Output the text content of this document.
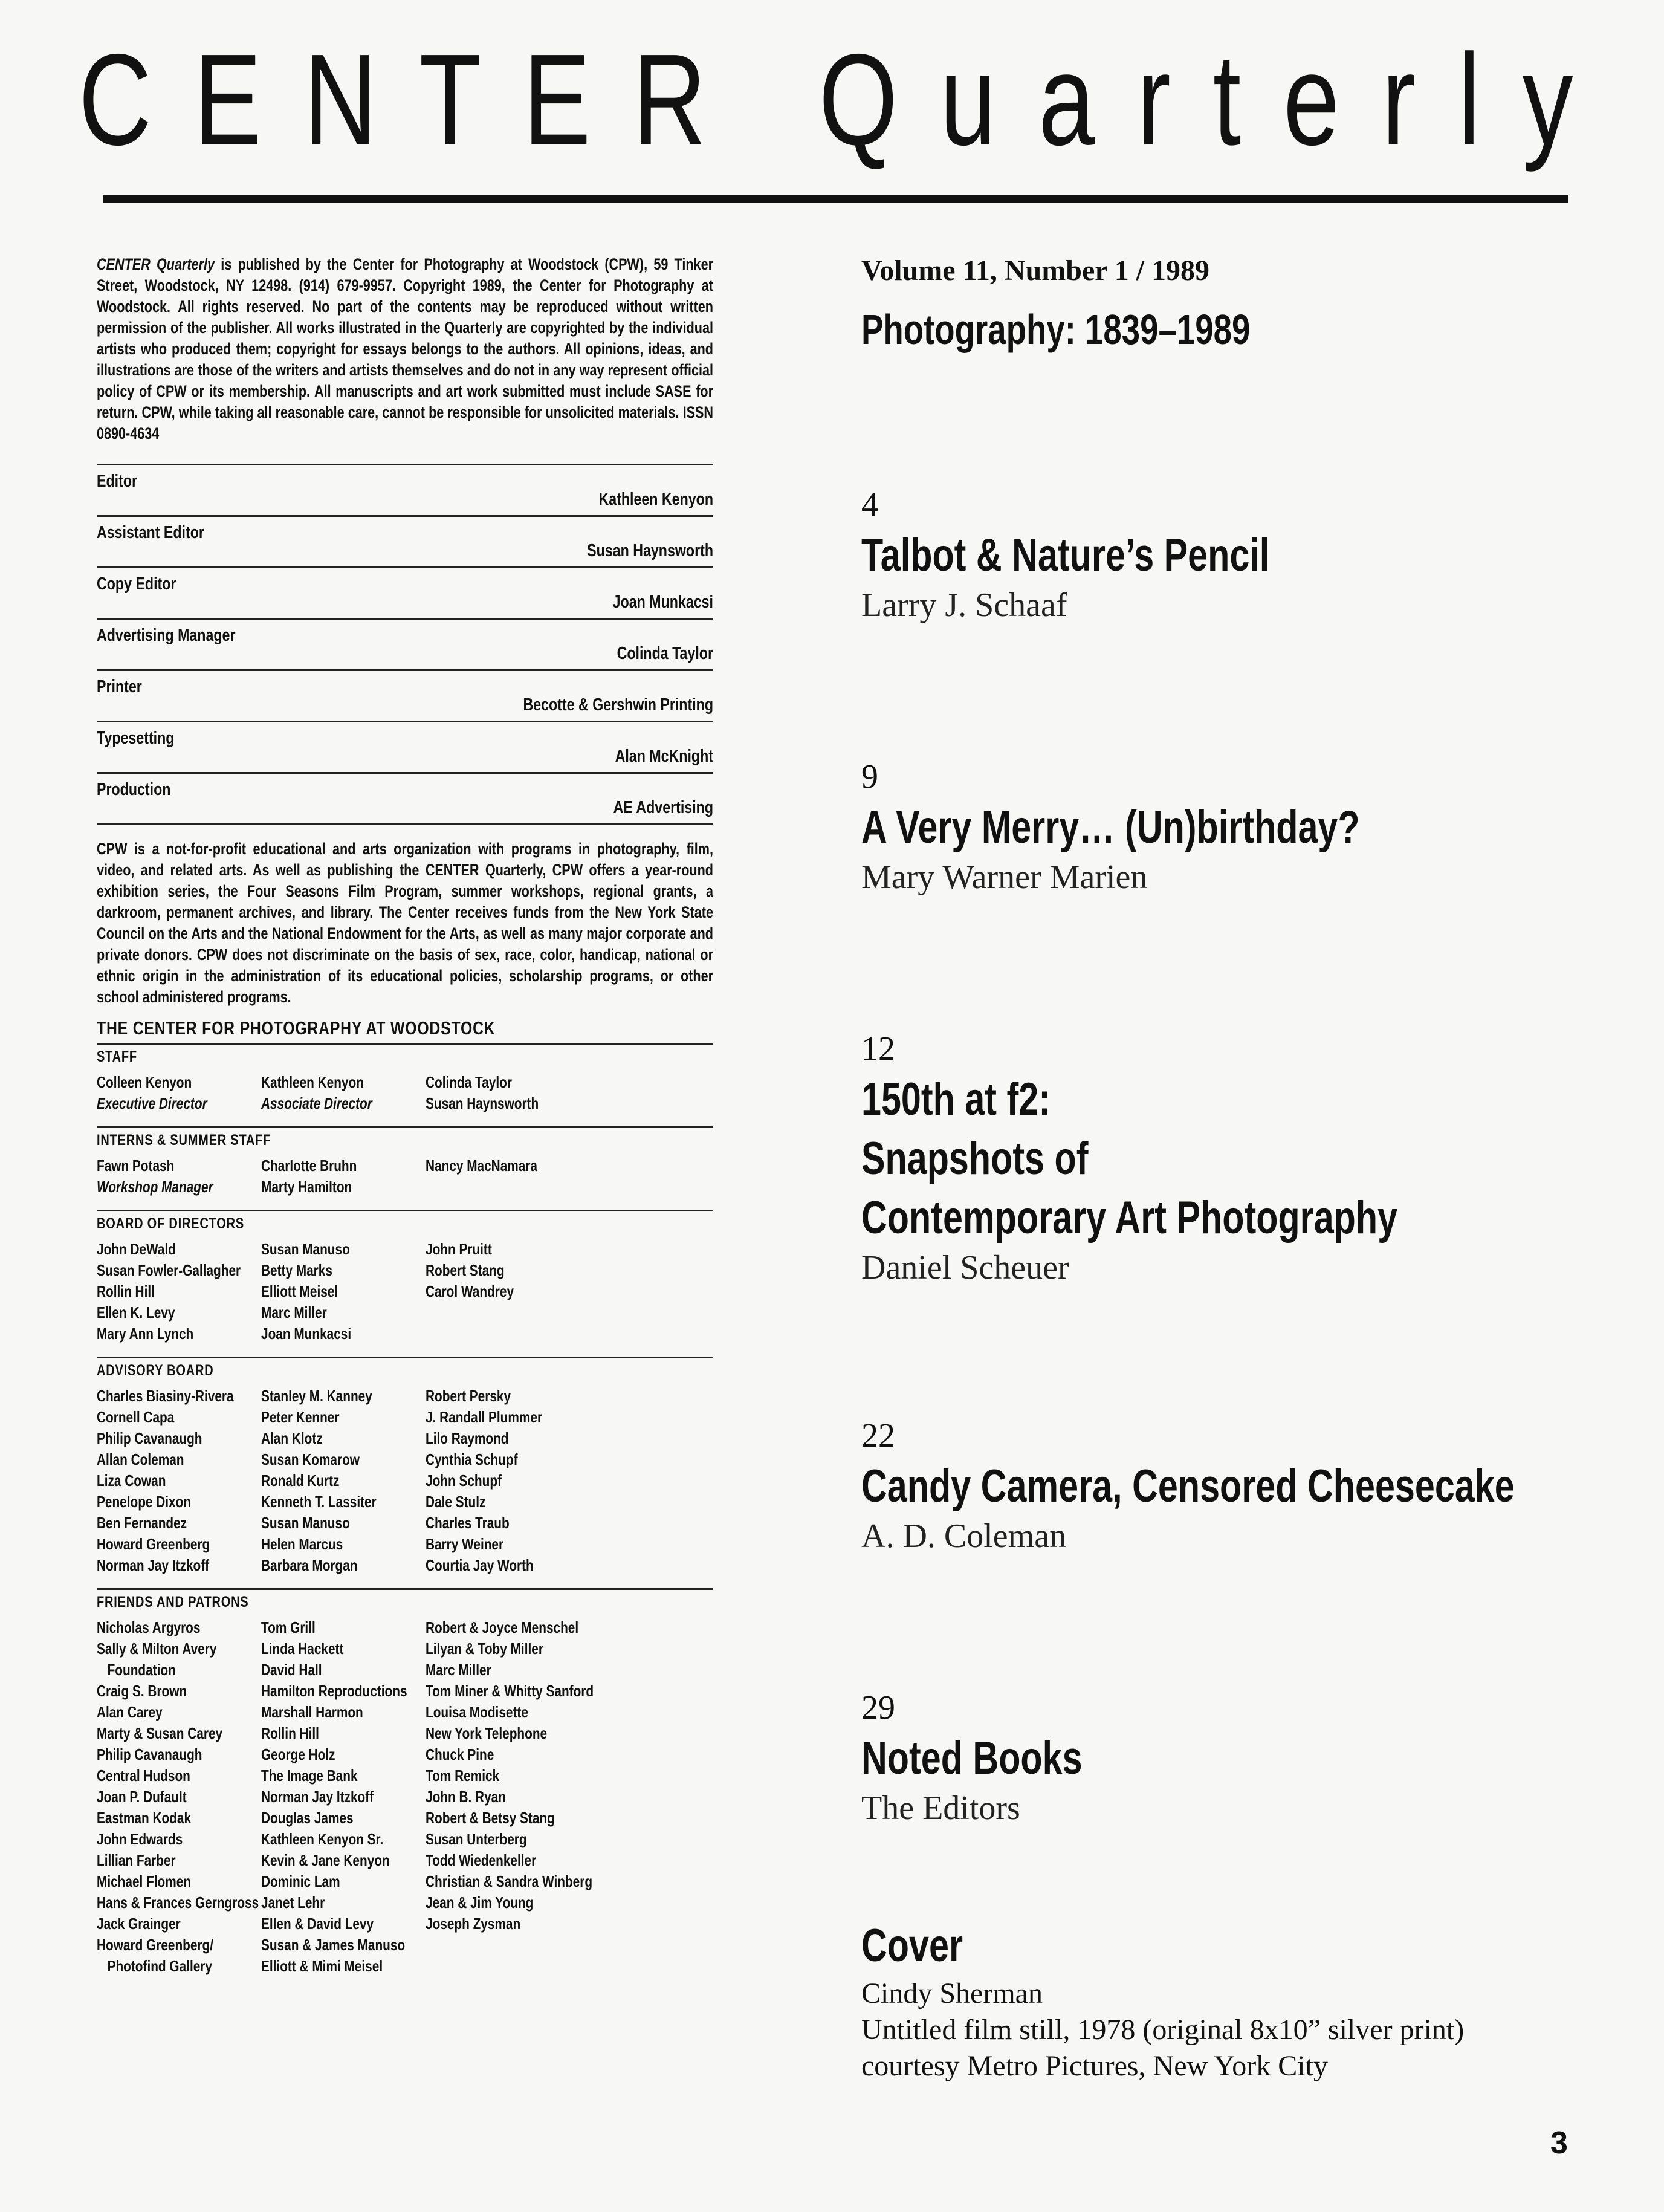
C E N T E R Q u a r t e r l y
CENTER Quarterly is published by the Center for Photography at Woodstock (CPW), 59 Tinker Street, Woodstock, NY 12498. (914) 679-9957. Copyright 1989, the Center for Photography at Woodstock. All rights reserved. No part of the contents may be reproduced without written permission of the publisher. All works illustrated in the Quarterly are copyrighted by the individual artists who produced them; copyright for essays belongs to the authors. All opinions, ideas, and illustrations are those of the writers and artists themselves and do not in any way represent official policy of CPW or its membership. All manuscripts and art work submitted must include SASE for return. CPW, while taking all reasonable care, cannot be responsible for unsolicited materials. ISSN 0890-4634
Editor
Kathleen Kenyon
Assistant Editor
Susan Haynsworth
Copy Editor
Joan Munkacsi
Advertising Manager
Colinda Taylor
Printer
Becotte & Gershwin Printing
Typesetting
Alan McKnight
Production
AE Advertising
CPW is a not-for-profit educational and arts organization with programs in photography, film, video, and related arts. As well as publishing the CENTER Quarterly, CPW offers a year-round exhibition series, the Four Seasons Film Program, summer workshops, regional grants, a darkroom, permanent archives, and library. The Center receives funds from the New York State Council on the Arts and the National Endowment for the Arts, as well as many major corporate and private donors. CPW does not discriminate on the basis of sex, race, color, handicap, national or ethnic origin in the administration of its educational policies, scholarship programs, or other school administered programs.
THE CENTER FOR PHOTOGRAPHY AT WOODSTOCK
STAFF
Colleen Kenyon
Executive Director
Kathleen Kenyon
Associate Director
Colinda Taylor
Susan Haynsworth
INTERNS & SUMMER STAFF
Fawn Potash
Workshop Manager
Charlotte Bruhn
Marty Hamilton
Nancy MacNamara
BOARD OF DIRECTORS
John DeWald
Susan Fowler-Gallagher
Rollin Hill
Ellen K. Levy
Mary Ann Lynch
Susan Manuso
Betty Marks
Elliott Meisel
Marc Miller
Joan Munkacsi
John Pruitt
Robert Stang
Carol Wandrey
ADVISORY BOARD
Charles Biasiny-Rivera
Cornell Capa
Philip Cavanaugh
Allan Coleman
Liza Cowan
Penelope Dixon
Ben Fernandez
Howard Greenberg
Norman Jay Itzkoff
Stanley M. Kanney
Peter Kenner
Alan Klotz
Susan Komarow
Ronald Kurtz
Kenneth T. Lassiter
Susan Manuso
Helen Marcus
Barbara Morgan
Robert Persky
J. Randall Plummer
Lilo Raymond
Cynthia Schupf
John Schupf
Dale Stulz
Charles Traub
Barry Weiner
Courtia Jay Worth
FRIENDS AND PATRONS
Nicholas Argyros
Sally & Milton Avery
Foundation
Craig S. Brown
Alan Carey
Marty & Susan Carey
Philip Cavanaugh
Central Hudson
Joan P. Dufault
Eastman Kodak
John Edwards
Lillian Farber
Michael Flomen
Hans & Frances Gerngross
Jack Grainger
Howard Greenberg/
Photofind Gallery
Tom Grill
Linda Hackett
David Hall
Hamilton Reproductions
Marshall Harmon
Rollin Hill
George Holz
The Image Bank
Norman Jay Itzkoff
Douglas James
Kathleen Kenyon Sr.
Kevin & Jane Kenyon
Dominic Lam
Janet Lehr
Ellen & David Levy
Susan & James Manuso
Elliott & Mimi Meisel
Robert & Joyce Menschel
Lilyan & Toby Miller
Marc Miller
Tom Miner & Whitty Sanford
Louisa Modisette
New York Telephone
Chuck Pine
Tom Remick
John B. Ryan
Robert & Betsy Stang
Susan Unterberg
Todd Wiedenkeller
Christian & Sandra Winberg
Jean & Jim Young
Joseph Zysman
Volume 11, Number 1 / 1989
Photography: 1839–1989
4
Talbot & Nature’s Pencil
Larry J. Schaaf
9
A Very Merry… (Un)birthday?
Mary Warner Marien
12
150th at f2:
Snapshots of
Contemporary Art Photography
Daniel Scheuer
22
Candy Camera, Censored Cheesecake
A. D. Coleman
29
Noted Books
The Editors
Cover
Cindy Sherman
Untitled film still, 1978 (original 8x10” silver print)
courtesy Metro Pictures, New York City
3
